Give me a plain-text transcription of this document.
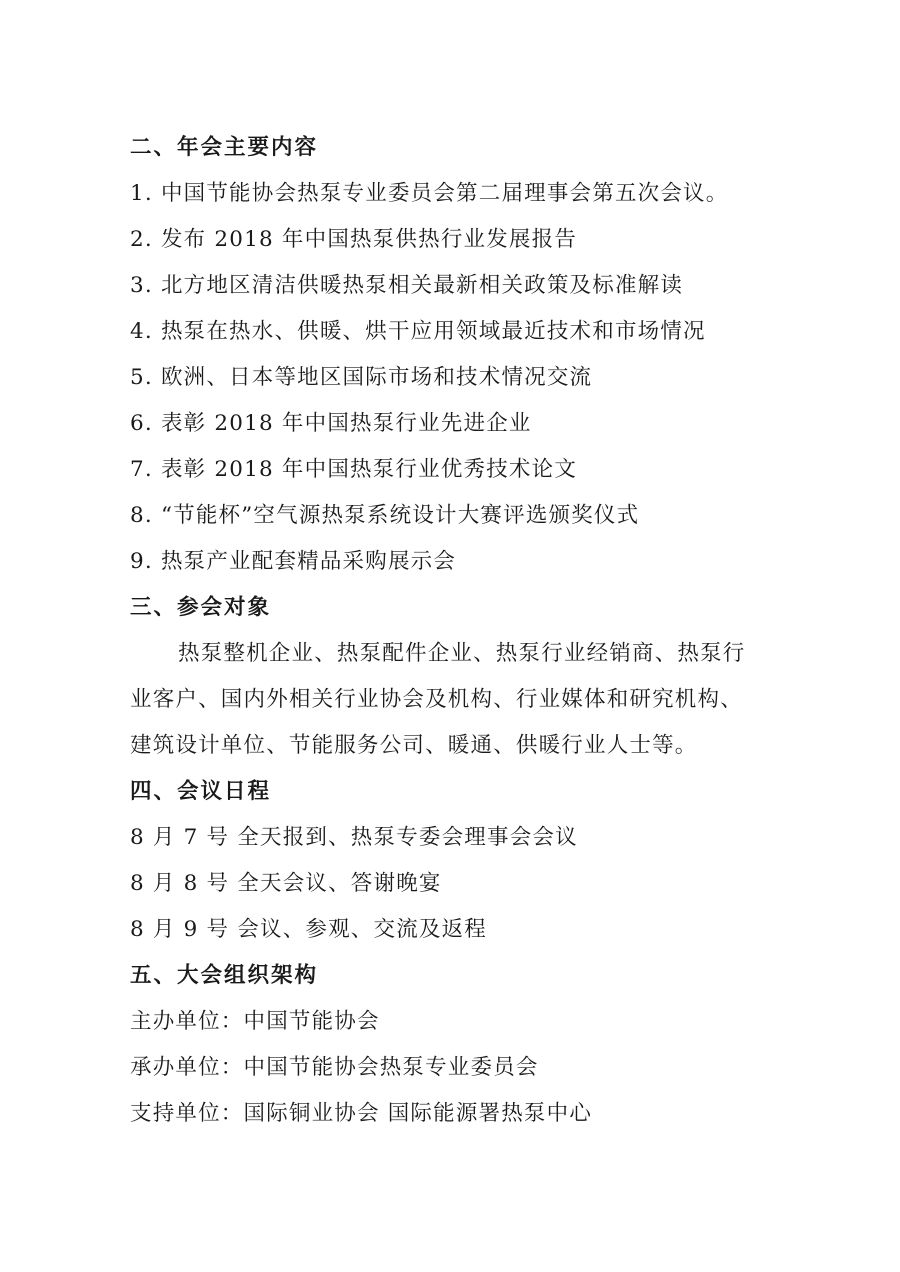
二、年会主要内容
1. 中国节能协会热泵专业委员会第二届理事会第五次会议。
2. 发布 2018 年中国热泵供热行业发展报告
3. 北方地区清洁供暖热泵相关最新相关政策及标准解读
4. 热泵在热水、供暖、烘干应用领域最近技术和市场情况
5. 欧洲、日本等地区国际市场和技术情况交流
6. 表彰 2018 年中国热泵行业先进企业
7. 表彰 2018 年中国热泵行业优秀技术论文
8. “节能杯”空气源热泵系统设计大赛评选颁奖仪式
9. 热泵产业配套精品采购展示会
三、参会对象
热泵整机企业、热泵配件企业、热泵行业经销商、热泵行
业客户、国内外相关行业协会及机构、行业媒体和研究机构、
建筑设计单位、节能服务公司、暖通、供暖行业人士等。
四、会议日程
8 月 7 号 全天报到、热泵专委会理事会会议
8 月 8 号 全天会议、答谢晚宴
8 月 9 号 会议、参观、交流及返程
五、大会组织架构
主办单位：中国节能协会
承办单位：中国节能协会热泵专业委员会
支持单位：国际铜业协会 国际能源署热泵中心
